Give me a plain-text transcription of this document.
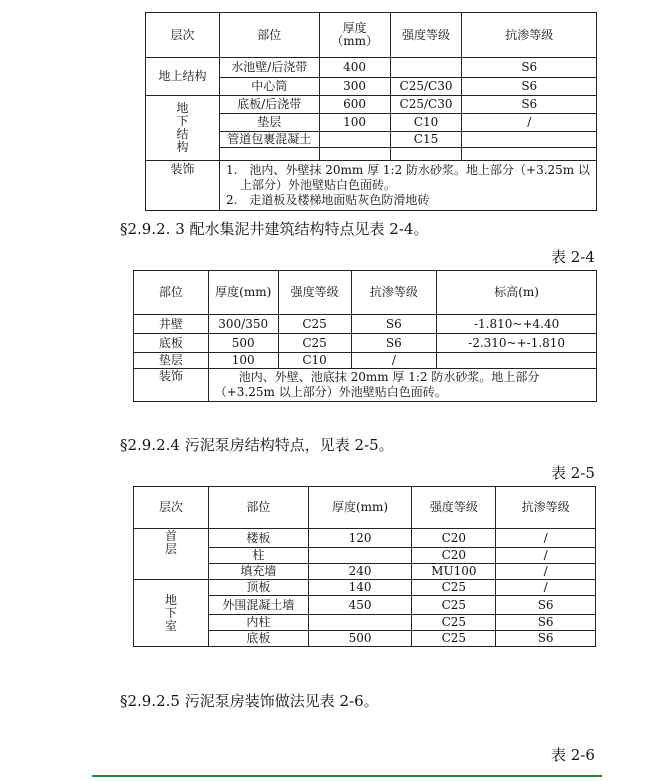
层次	部位	厚度（mm）	强度等级	抗渗等级
地上结构	水池壁/后浇带	400		S6
	中心筒	300	C25/C30	S6
地下结构	底板/后浇带	600	C25/C30	S6
	垫层	100	C10	/
	管道包裹混凝土		C15	

装饰	1.　池内、外壁抹 20mm 厚 1:2 防水砂浆。地上部分（+3.25m 以上部分）外池壁贴白色面砖。
2.　走道板及楼梯地面贴灰色防滑地砖			
§2.9.2. 3 配水集泥井建筑结构特点见表 2-4。
表 2-4
部位	厚度(mm)	强度等级	抗渗等级	标高(m)
井壁	300/350	C25	S6	-1.810~+4.40
底板	500	C25	S6	-2.310~+-1.810
垫层	100	C10	/	
装饰	池内、外壁、池底抹 20mm 厚 1:2 防水砂浆。地上部分（+3.25m 以上部分）外池壁贴白色面砖。			
§2.9.2.4 污泥泵房结构特点，见表 2-5。
表 2-5
层次	部位	厚度(mm)	强度等级	抗渗等级
首层	楼板	120	C20	/
	柱		C20	/
	填充墙	240	MU100	/
地下室	顶板	140	C25	/
	外围混凝土墙	450	C25	S6
	内柱		C25	S6
	底板	500	C25	S6
§2.9.2.5 污泥泵房装饰做法见表 2-6。
表 2-6
